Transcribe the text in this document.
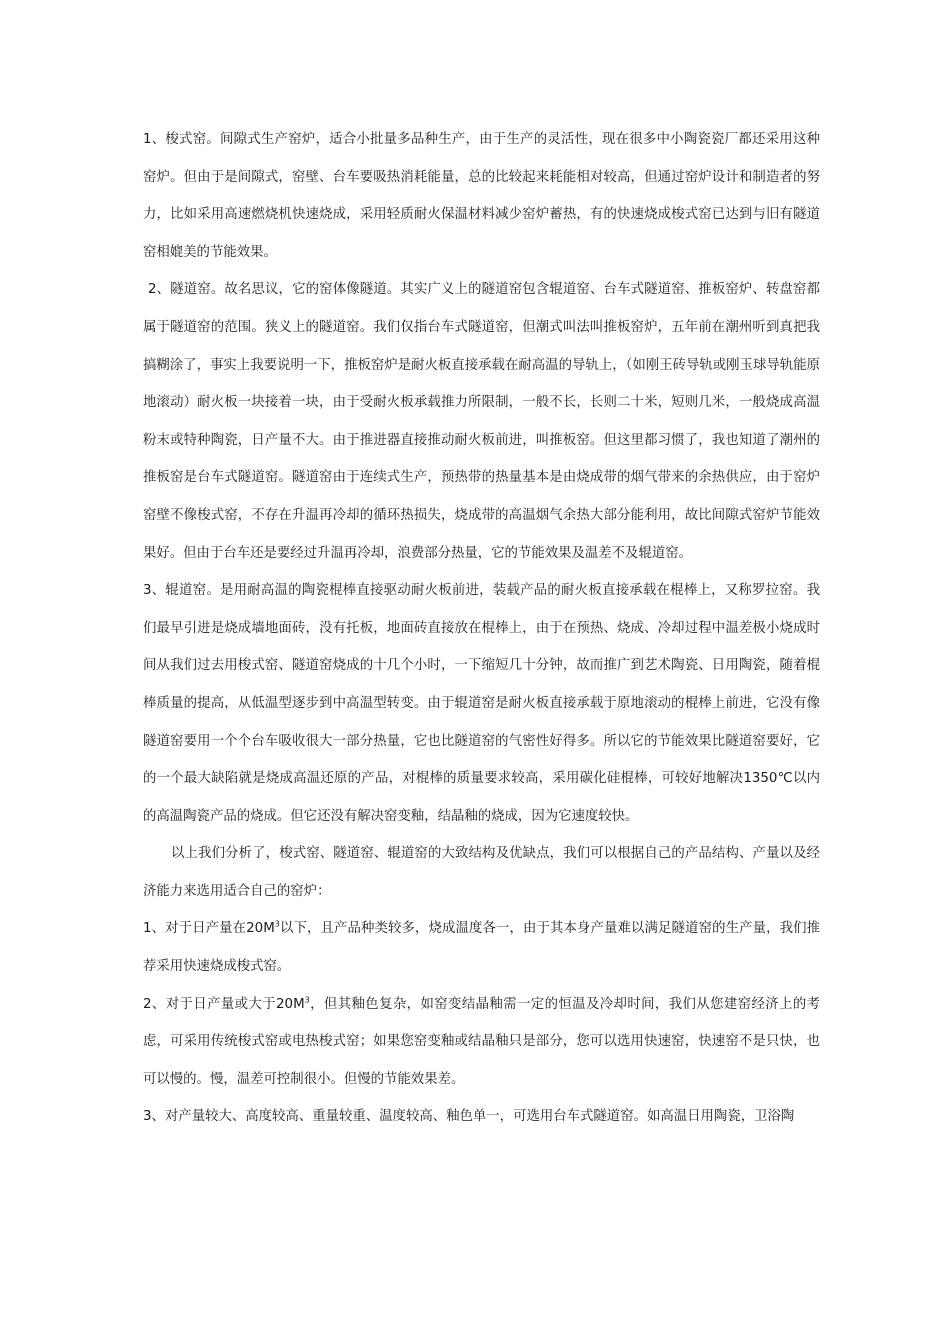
1、梭式窑。间隙式生产窑炉，适合小批量多品种生产，由于生产的灵活性，现在很多中小陶瓷瓷厂都还采用这种窑炉。但由于是间隙式，窑壁、台车要吸热消耗能量，总的比较起来耗能相对较高，但通过窑炉设计和制造者的努力，比如采用高速燃烧机快速烧成，采用轻质耐火保温材料减少窑炉蓄热，有的快速烧成梭式窑已达到与旧有隧道窑相媲美的节能效果。

2、隧道窑。故名思议，它的窑体像隧道。其实广义上的隧道窑包含辊道窑、台车式隧道窑、推板窑炉、转盘窑都属于隧道窑的范围。狭义上的隧道窑。我们仅指台车式隧道窑，但潮式叫法叫推板窑炉，五年前在潮州听到真把我搞糊涂了，事实上我要说明一下，推板窑炉是耐火板直接承载在耐高温的导轨上，（如刚王砖导轨或刚玉球导轨能原地滚动）耐火板一块接着一块，由于受耐火板承载推力所限制，一般不长，长则二十米，短则几米，一般烧成高温粉末或特种陶瓷，日产量不大。由于推进器直接推动耐火板前进，叫推板窑。但这里都习惯了，我也知道了潮州的推板窑是台车式隧道窑。隧道窑由于连续式生产，预热带的热量基本是由烧成带的烟气带来的余热供应，由于窑炉窑壁不像梭式窑，不存在升温再冷却的循环热损失，烧成带的高温烟气余热大部分能利用，故比间隙式窑炉节能效果好。但由于台车还是要经过升温再冷却，浪费部分热量，它的节能效果及温差不及辊道窑。

3、辊道窑。是用耐高温的陶瓷棍棒直接驱动耐火板前进，装载产品的耐火板直接承载在棍棒上，又称罗拉窑。我们最早引进是烧成墙地面砖，没有托板，地面砖直接放在棍棒上，由于在预热、烧成、冷却过程中温差极小烧成时间从我们过去用梭式窑、隧道窑烧成的十几个小时，一下缩短几十分钟，故而推广到艺术陶瓷、日用陶瓷，随着棍棒质量的提高，从低温型逐步到中高温型转变。由于辊道窑是耐火板直接承载于原地滚动的棍棒上前进，它没有像隧道窑要用一个个台车吸收很大一部分热量，它也比隧道窑的气密性好得多。所以它的节能效果比隧道窑要好，它的一个最大缺陷就是烧成高温还原的产品，对棍棒的质量要求较高，采用碳化硅棍棒，可较好地解决1350℃以内的高温陶瓷产品的烧成。但它还没有解决窑变釉，结晶釉的烧成，因为它速度较快。

以上我们分析了，梭式窑、隧道窑、辊道窑的大致结构及优缺点，我们可以根据自己的产品结构、产量以及经济能力来选用适合自己的窑炉：

1、对于日产量在$20M^3$以下，且产品种类较多，烧成温度各一，由于其本身产量难以满足隧道窑的生产量，我们推荐采用快速烧成梭式窑。

2、对于日产量或大于$20M^3$，但其釉色复杂，如窑变结晶釉需一定的恒温及冷却时间，我们从您建窑经济上的考虑，可采用传统梭式窑或电热梭式窑；如果您窑变釉或结晶釉只是部分，您可以选用快速窑，快速窑不是只快，也可以慢的。慢，温差可控制很小。但慢的节能效果差。

3、对产量较大、高度较高、重量较重、温度较高、釉色单一，可选用台车式隧道窑。如高温日用陶瓷，卫浴陶
